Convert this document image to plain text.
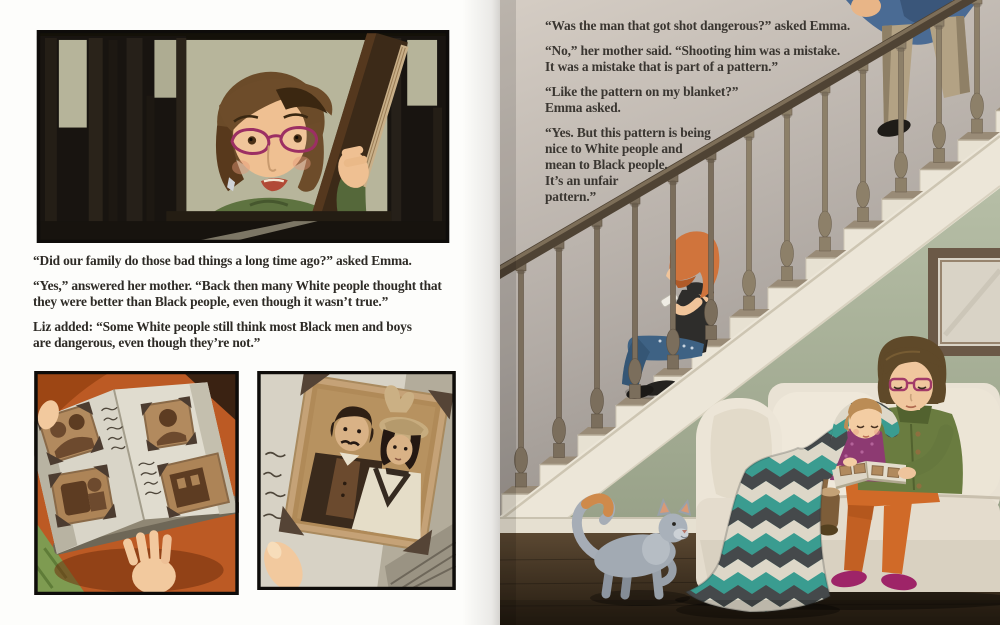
“Did our family do those bad things a long time ago?” asked Emma.
“Yes,” answered her mother. “Back then many White people thought that
they were better than Black people, even though it wasn’t true.”
Liz added: “Some White people still think most Black men and boys
are dangerous, even though they’re not.”
“Was the man that got shot dangerous?” asked Emma.
“No,” her mother said. “Shooting him was a mistake.
It was a mistake that is part of a pattern.”
“Like the pattern on my blanket?”
Emma asked.
“Yes. But this pattern is being
nice to White people and
mean to Black people.
It’s an unfair
pattern.”
